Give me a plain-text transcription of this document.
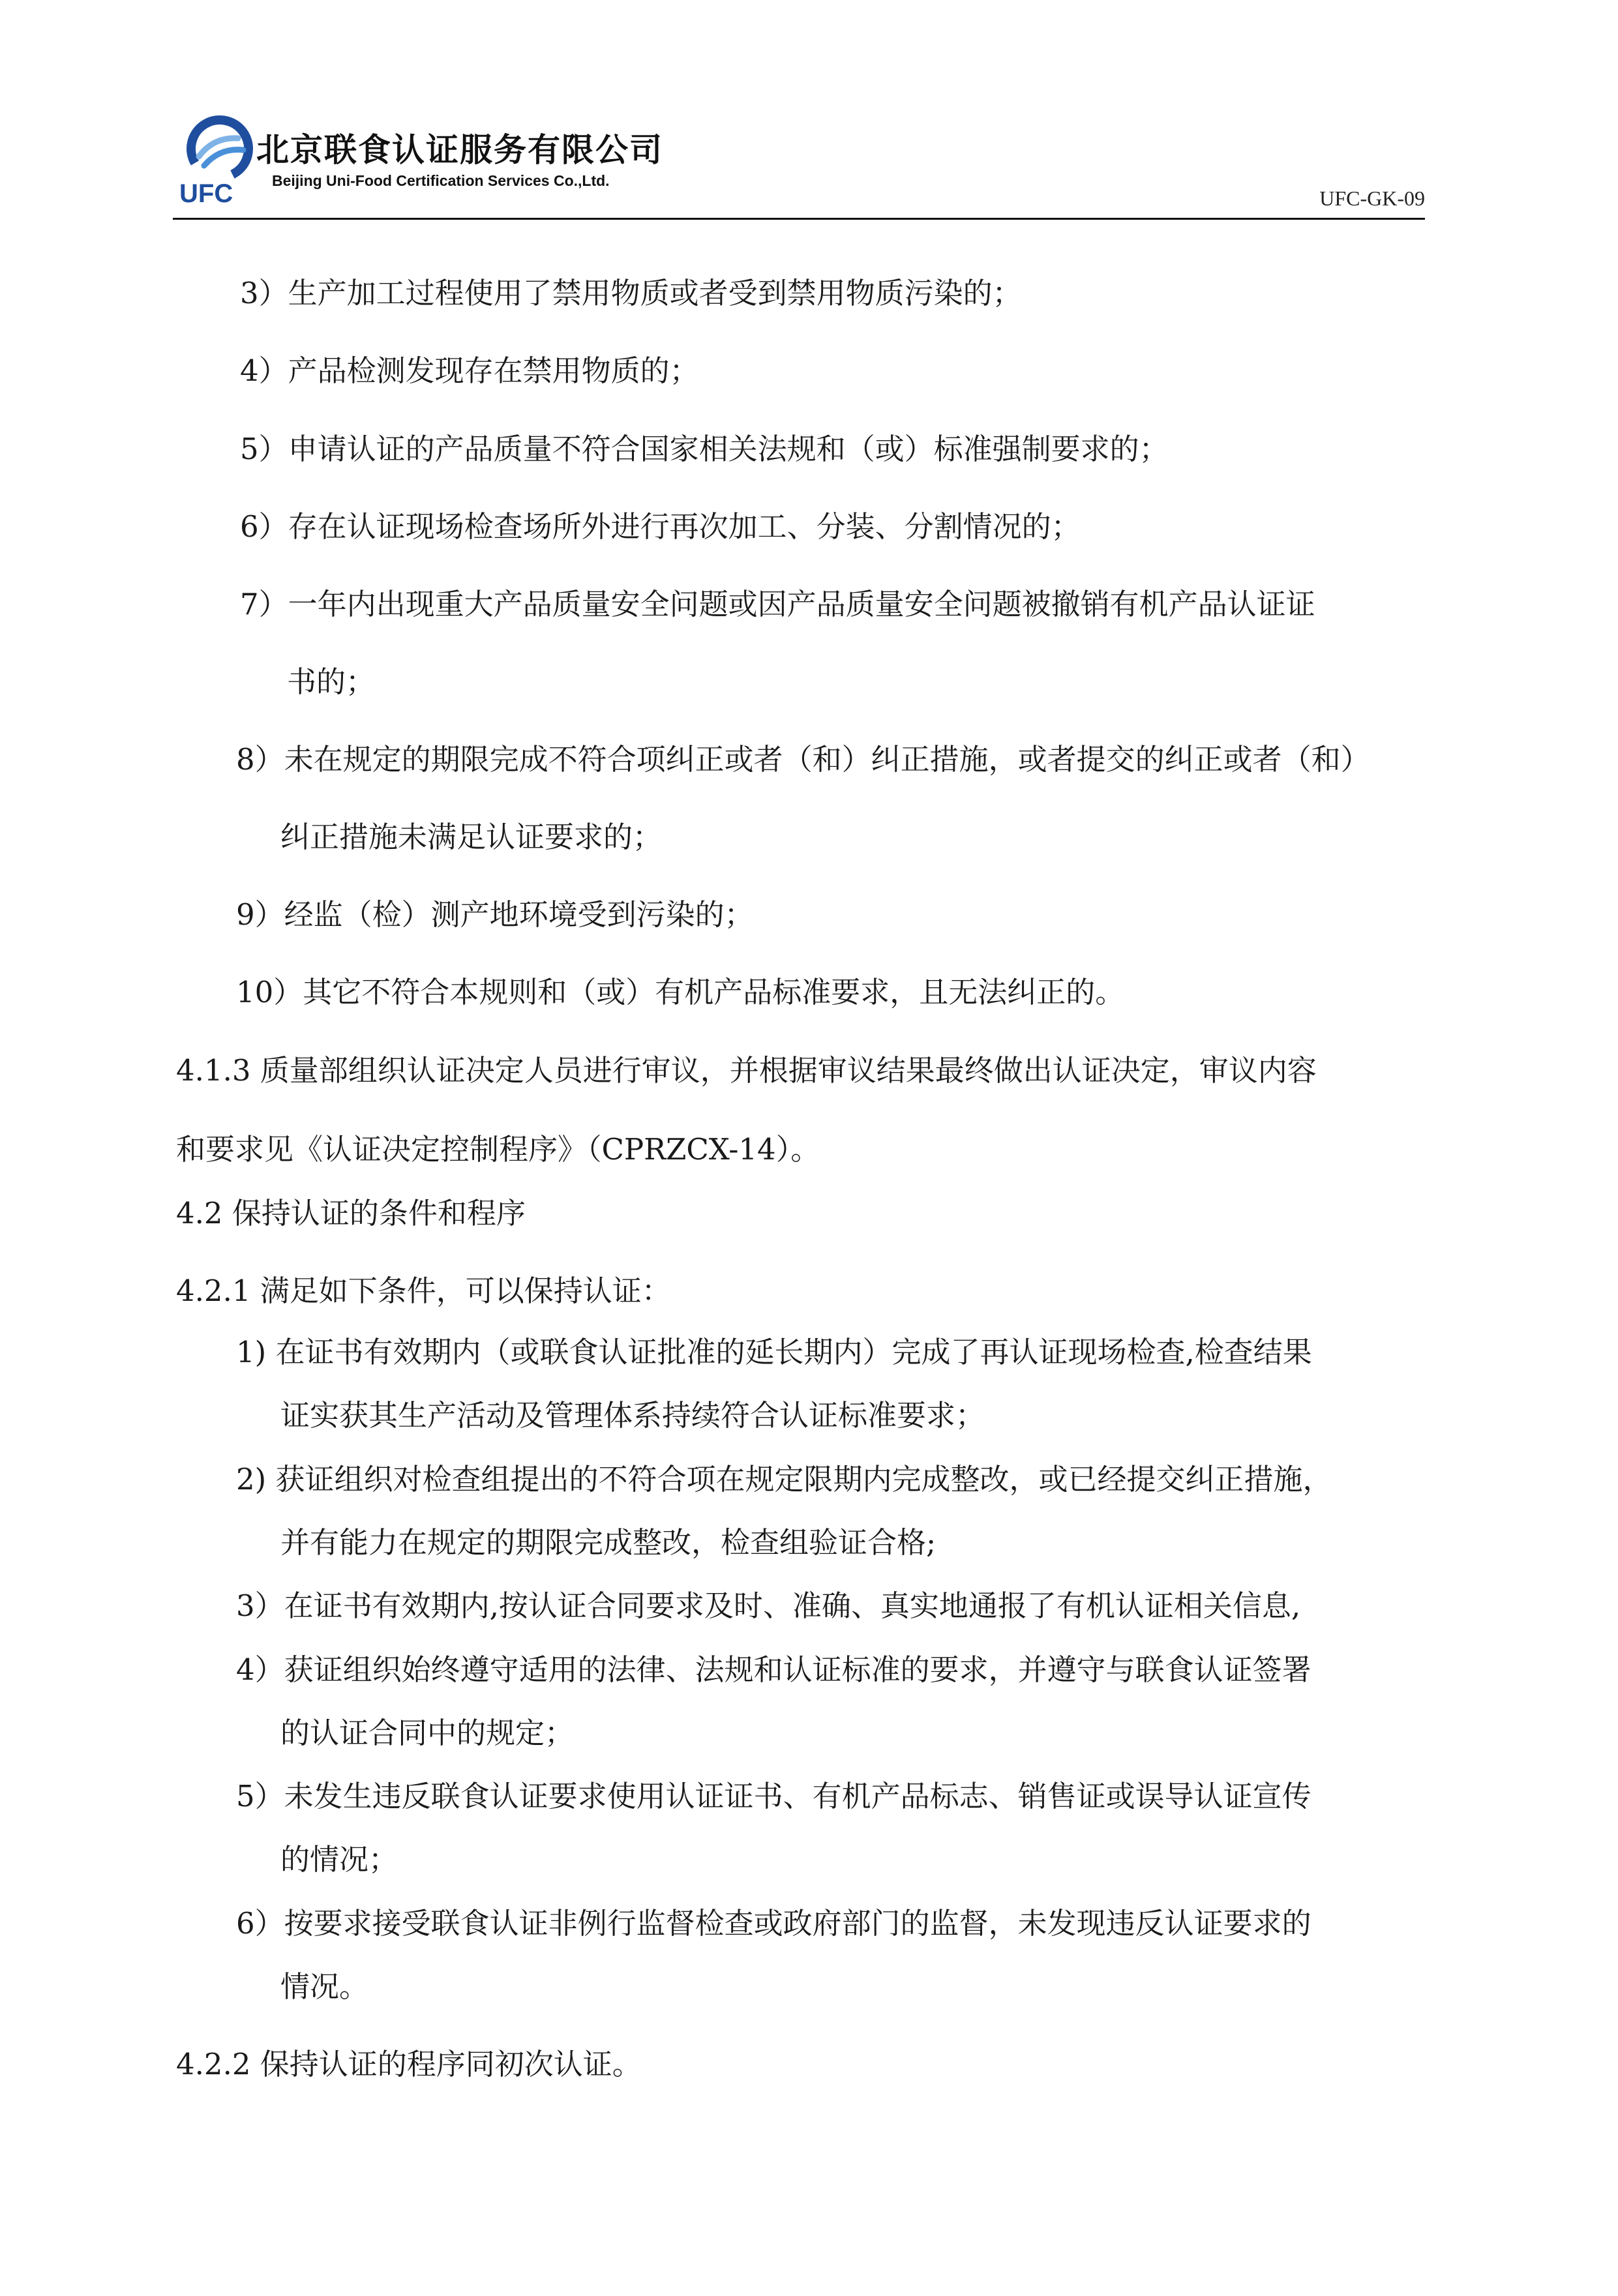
UFC
北京联食认证服务有限公司
Beijing Uni-Food Certification Services Co.,Ltd.
UFC-GK-09
3）生产加工过程使用了禁用物质或者受到禁用物质污染的；
4）产品检测发现存在禁用物质的；
5）申请认证的产品质量不符合国家相关法规和（或）标准强制要求的；
6）存在认证现场检查场所外进行再次加工、分装、分割情况的；
7）一年内出现重大产品质量安全问题或因产品质量安全问题被撤销有机产品认证证
书的；
8）未在规定的期限完成不符合项纠正或者（和）纠正措施，或者提交的纠正或者（和）
纠正措施未满足认证要求的；
9）经监（检）测产地环境受到污染的；
10）其它不符合本规则和（或）有机产品标准要求，且无法纠正的。
4.1.3 质量部组织认证决定人员进行审议，并根据审议结果最终做出认证决定，审议内容
和要求见《认证决定控制程序》（CPRZCX-14）。
4.2 保持认证的条件和程序
4.2.1 满足如下条件，可以保持认证：
1) 在证书有效期内（或联食认证批准的延长期内）完成了再认证现场检查,检查结果
证实获其生产活动及管理体系持续符合认证标准要求；
2) 获证组织对检查组提出的不符合项在规定限期内完成整改，或已经提交纠正措施，
并有能力在规定的期限完成整改，检查组验证合格;
3）在证书有效期内,按认证合同要求及时、准确、真实地通报了有机认证相关信息,
4）获证组织始终遵守适用的法律、法规和认证标准的要求，并遵守与联食认证签署
的认证合同中的规定；
5）未发生违反联食认证要求使用认证证书、有机产品标志、销售证或误导认证宣传
的情况；
6）按要求接受联食认证非例行监督检查或政府部门的监督，未发现违反认证要求的
情况。
4.2.2 保持认证的程序同初次认证。
